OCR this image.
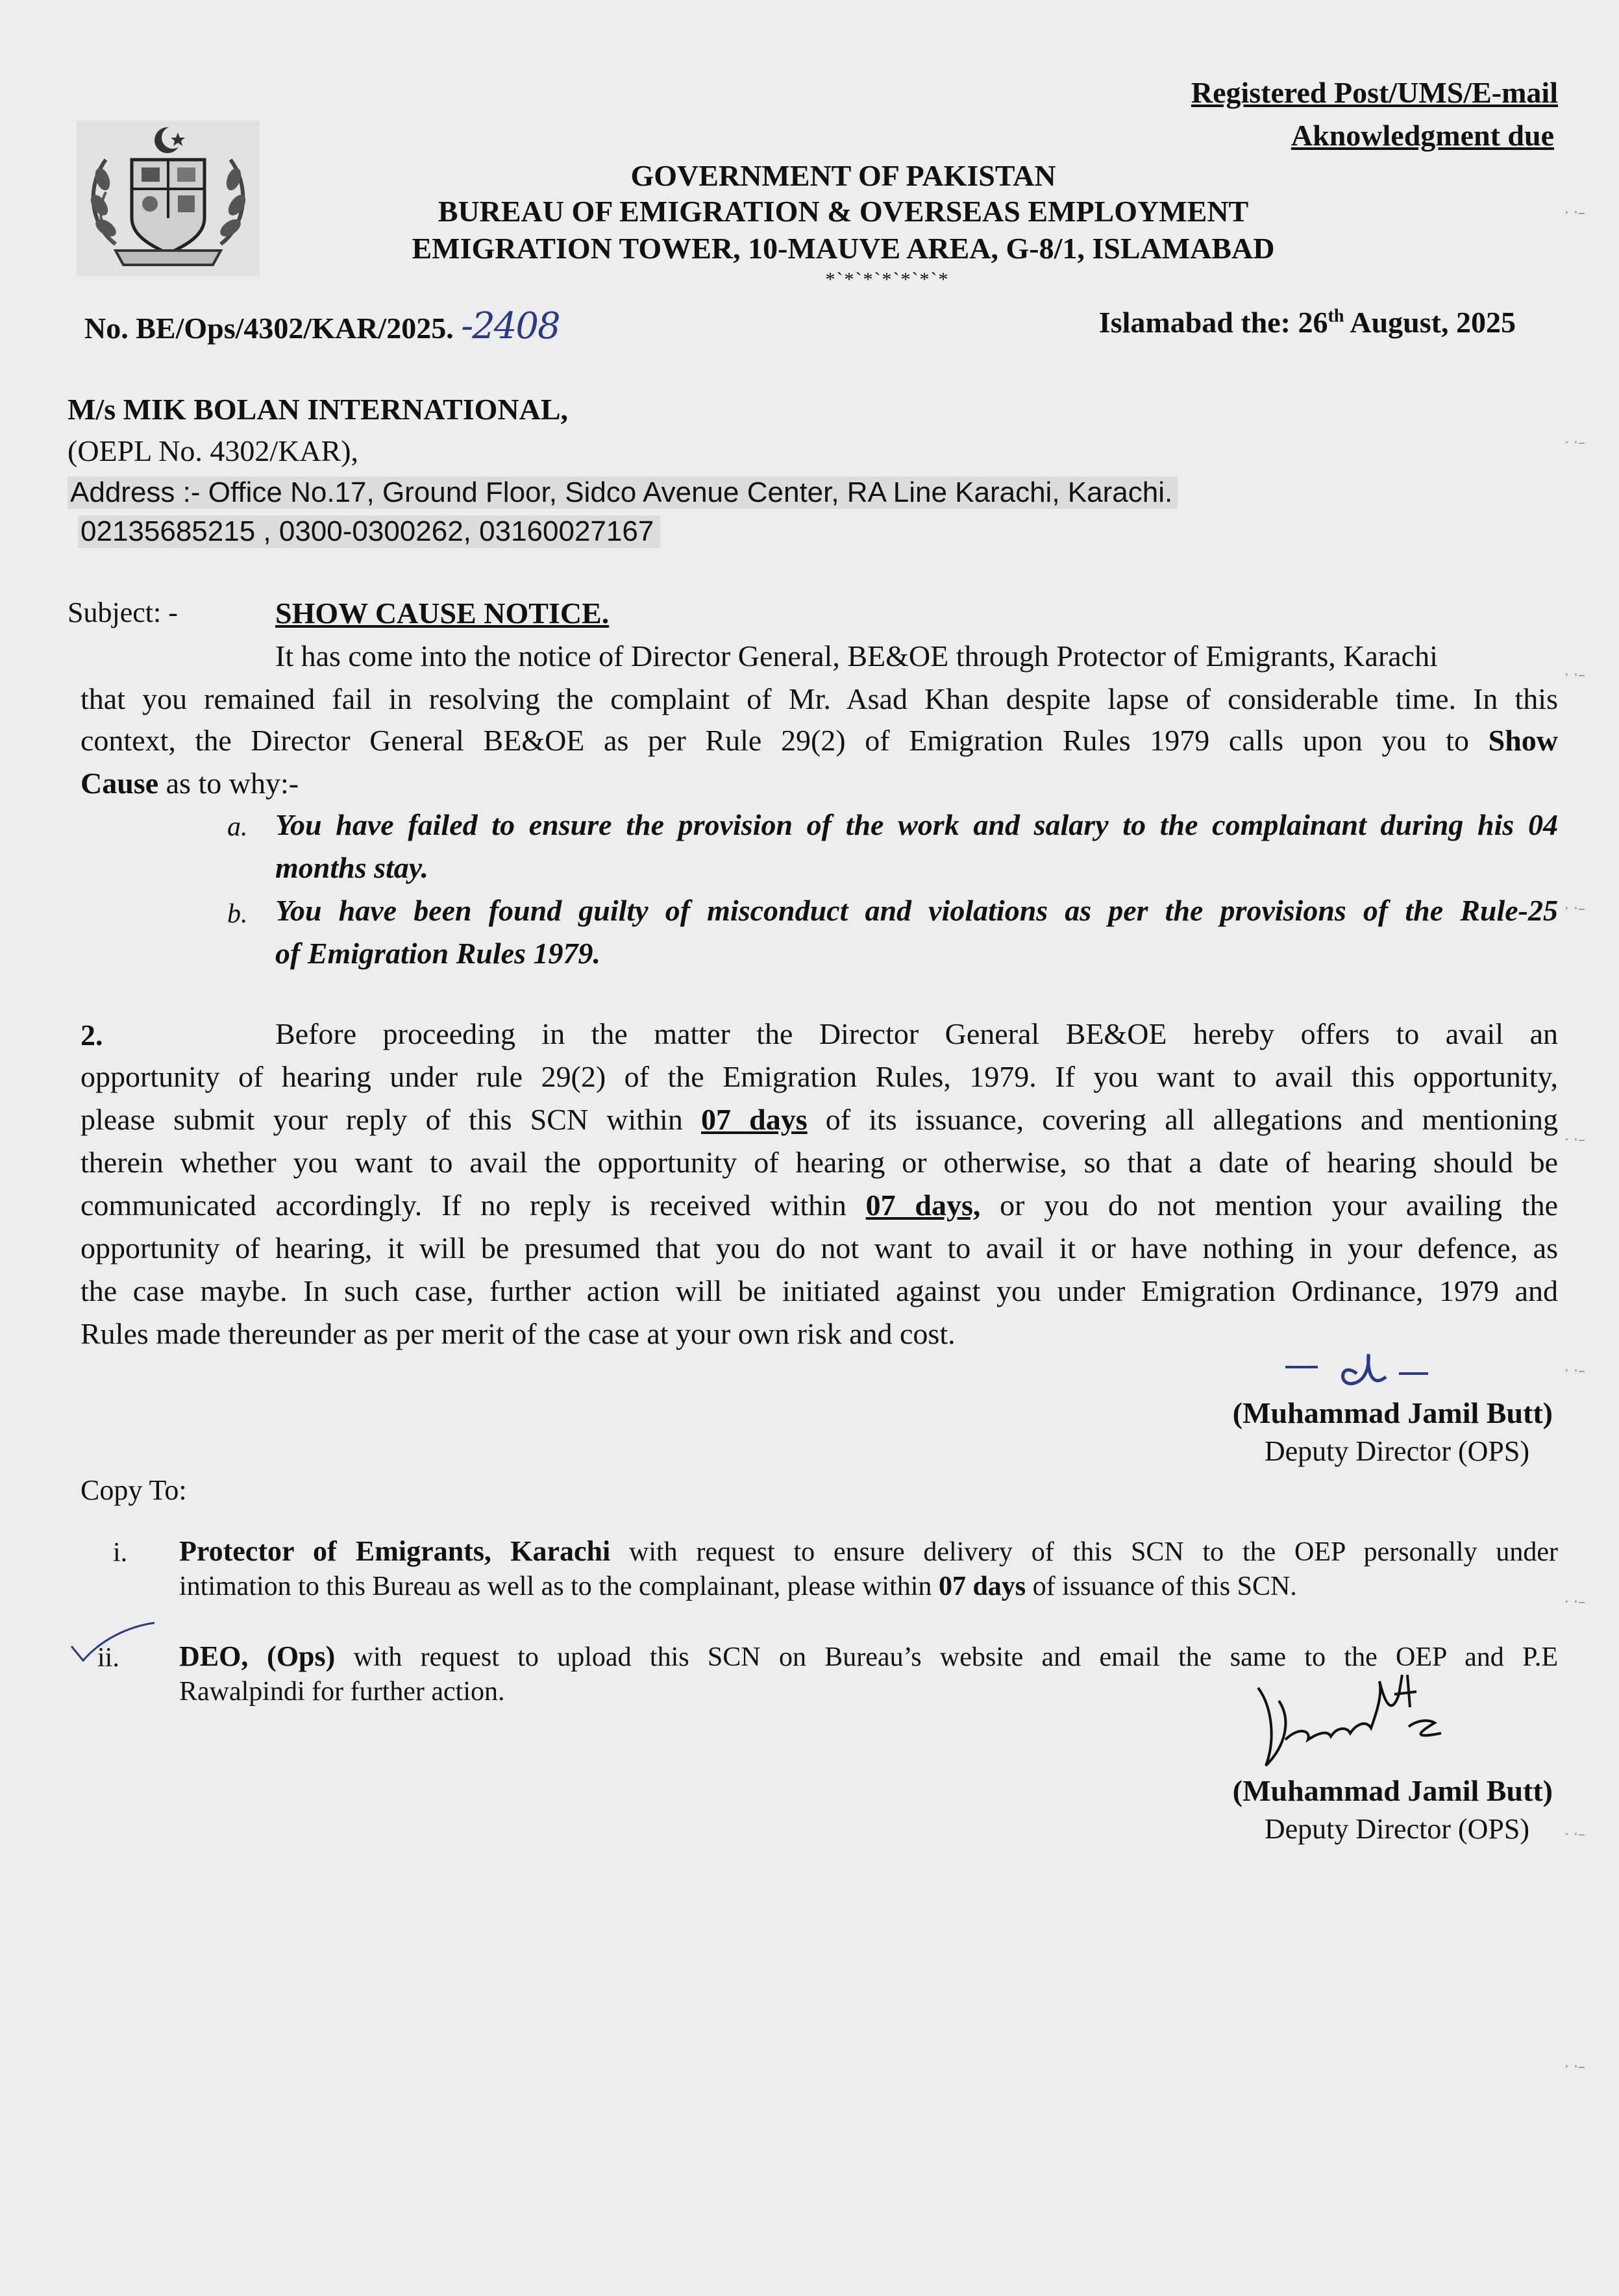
Registered Post/UMS/E-mail
Aknowledgment due
GOVERNMENT OF PAKISTAN
BUREAU OF EMIGRATION & OVERSEAS EMPLOYMENT
EMIGRATION TOWER, 10-MAUVE AREA, G-8/1, ISLAMABAD
*`*`*`*`*`*`*
No. BE/Ops/4302/KAR/2025. -2408	Islamabad the: 26th August, 2025
M/s MIK BOLAN INTERNATIONAL,
(OEPL No. 4302/KAR),
Address :- Office No.17, Ground Floor, Sidco Avenue Center, RA Line Karachi, Karachi.
02135685215 , 0300-0300262, 03160027167
Subject: -	SHOW CAUSE NOTICE.
It has come into the notice of Director General, BE&OE through Protector of Emigrants, Karachi
that you remained fail in resolving the complaint of Mr. Asad Khan despite lapse of considerable time. In this
context, the Director General BE&OE as per Rule 29(2) of Emigration Rules 1979 calls upon you to Show
Cause as to why:-
a. You have failed to ensure the provision of the work and salary to the complainant during his 04
months stay.
b. You have been found guilty of misconduct and violations as per the provisions of the Rule-25
of Emigration Rules 1979.
2.	Before proceeding in the matter the Director General BE&OE hereby offers to avail an
opportunity of hearing under rule 29(2) of the Emigration Rules, 1979. If you want to avail this opportunity,
please submit your reply of this SCN within 07 days of its issuance, covering all allegations and mentioning
therein whether you want to avail the opportunity of hearing or otherwise, so that a date of hearing should be
communicated accordingly. If no reply is received within 07 days, or you do not mention your availing the
opportunity of hearing, it will be presumed that you do not want to avail it or have nothing in your defence, as
the case maybe. In such case, further action will be initiated against you under Emigration Ordinance, 1979 and
Rules made thereunder as per merit of the case at your own risk and cost.
(Muhammad Jamil Butt)
Deputy Director (OPS)
Copy To:
i. Protector of Emigrants, Karachi with request to ensure delivery of this SCN to the OEP personally under
intimation to this Bureau as well as to the complainant, please within 07 days of issuance of this SCN.
ii. DEO, (Ops) with request to upload this SCN on Bureau’s website and email the same to the OEP and P.E
Rawalpindi for further action.
(Muhammad Jamil Butt)
Deputy Director (OPS)
· ·–
· ·–
· ·–
· ·–
· ·–
· ·–
· ·–
· ·–
· ·–
